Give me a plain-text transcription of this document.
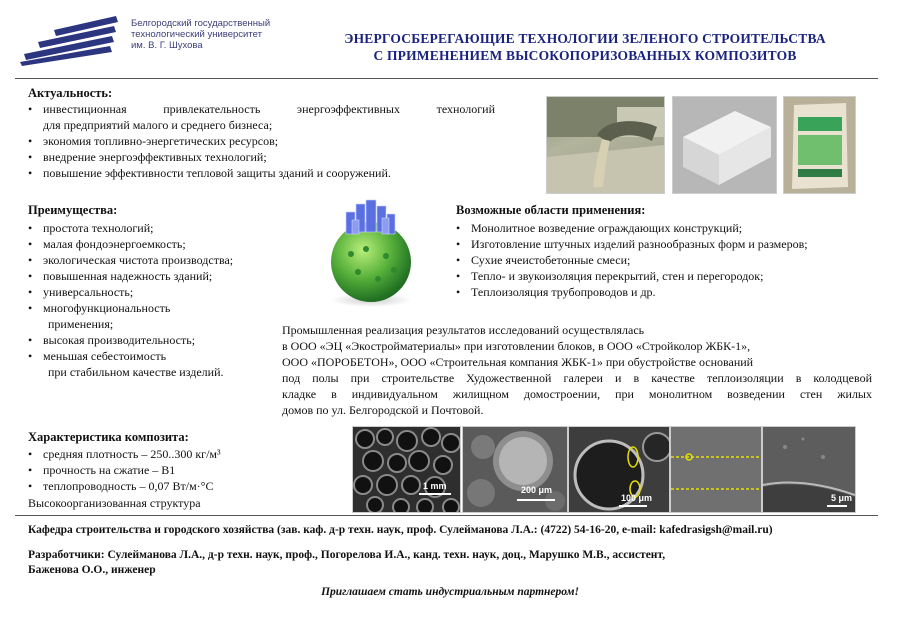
Белгородский государственный
технологический университет
им. В. Г. Шухова	ЭНЕРГОСБЕРЕГАЮЩИЕ ТЕХНОЛОГИИ ЗЕЛЕНОГО СТРОИТЕЛЬСТВА
С ПРИМЕНЕНИЕМ ВЫСОКОПОРИЗОВАННЫХ КОМПОЗИТОВ
Актуальность:
• инвестиционная привлекательность энергоэффективных технологий
для предприятий малого и среднего бизнеса;
• экономия топливно-энергетических ресурсов;
• внедрение энергоэффективных технологий;
• повышение эффективности тепловой защиты зданий и сооружений.
Преимущества:
• простота технологий;
• малая фондоэнергоемкость;
• экологическая чистота производства;
• повышенная надежность зданий;
• универсальность;
• многофункциональность
применения;
• высокая производительность;
• меньшая себестоимость
при стабильном качестве изделий.
Возможные области применения:
• Монолитное возведение ограждающих конструкций;
• Изготовление штучных изделий разнообразных форм и размеров;
• Сухие ячеистобетонные смеси;
• Тепло- и звукоизоляция перекрытий, стен и перегородок;
• Теплоизоляция трубопроводов и др.
Промышленная реализация результатов исследований осуществлялась
в ООО «ЭЦ «Экостройматериалы» при изготовлении блоков, в ООО «Стройколор ЖБК-1»,
ООО «ПОРОБЕТОН», ООО «Строительная компания ЖБК-1» при обустройстве оснований
под полы при строительстве Художественной галереи и в качестве теплоизоляции в колодцевой
кладке в индивидуальном жилищном домостроении, при монолитном возведении стен жилых
домов по ул. Белгородской и Почтовой.
Характеристика композита:
• средняя плотность – 250..300 кг/м³
• прочность на сжатие – В1
• теплопроводность – 0,07 Вт/м·°С
Высокоорганизованная структура
1 mm	200 μm
100 μm	5 μm
Кафедра строительства и городского хозяйства (зав. каф. д-р техн. наук, проф. Сулейманова Л.А.: (4722) 54-16-20, e-mail: kafedrasigsh@mail.ru)
Разработчики: Сулейманова Л.А., д-р техн. наук, проф., Погорелова И.А., канд. техн. наук, доц., Марушко М.В., ассистент,
Баженова О.О., инженер
Приглашаем стать индустриальным партнером!
